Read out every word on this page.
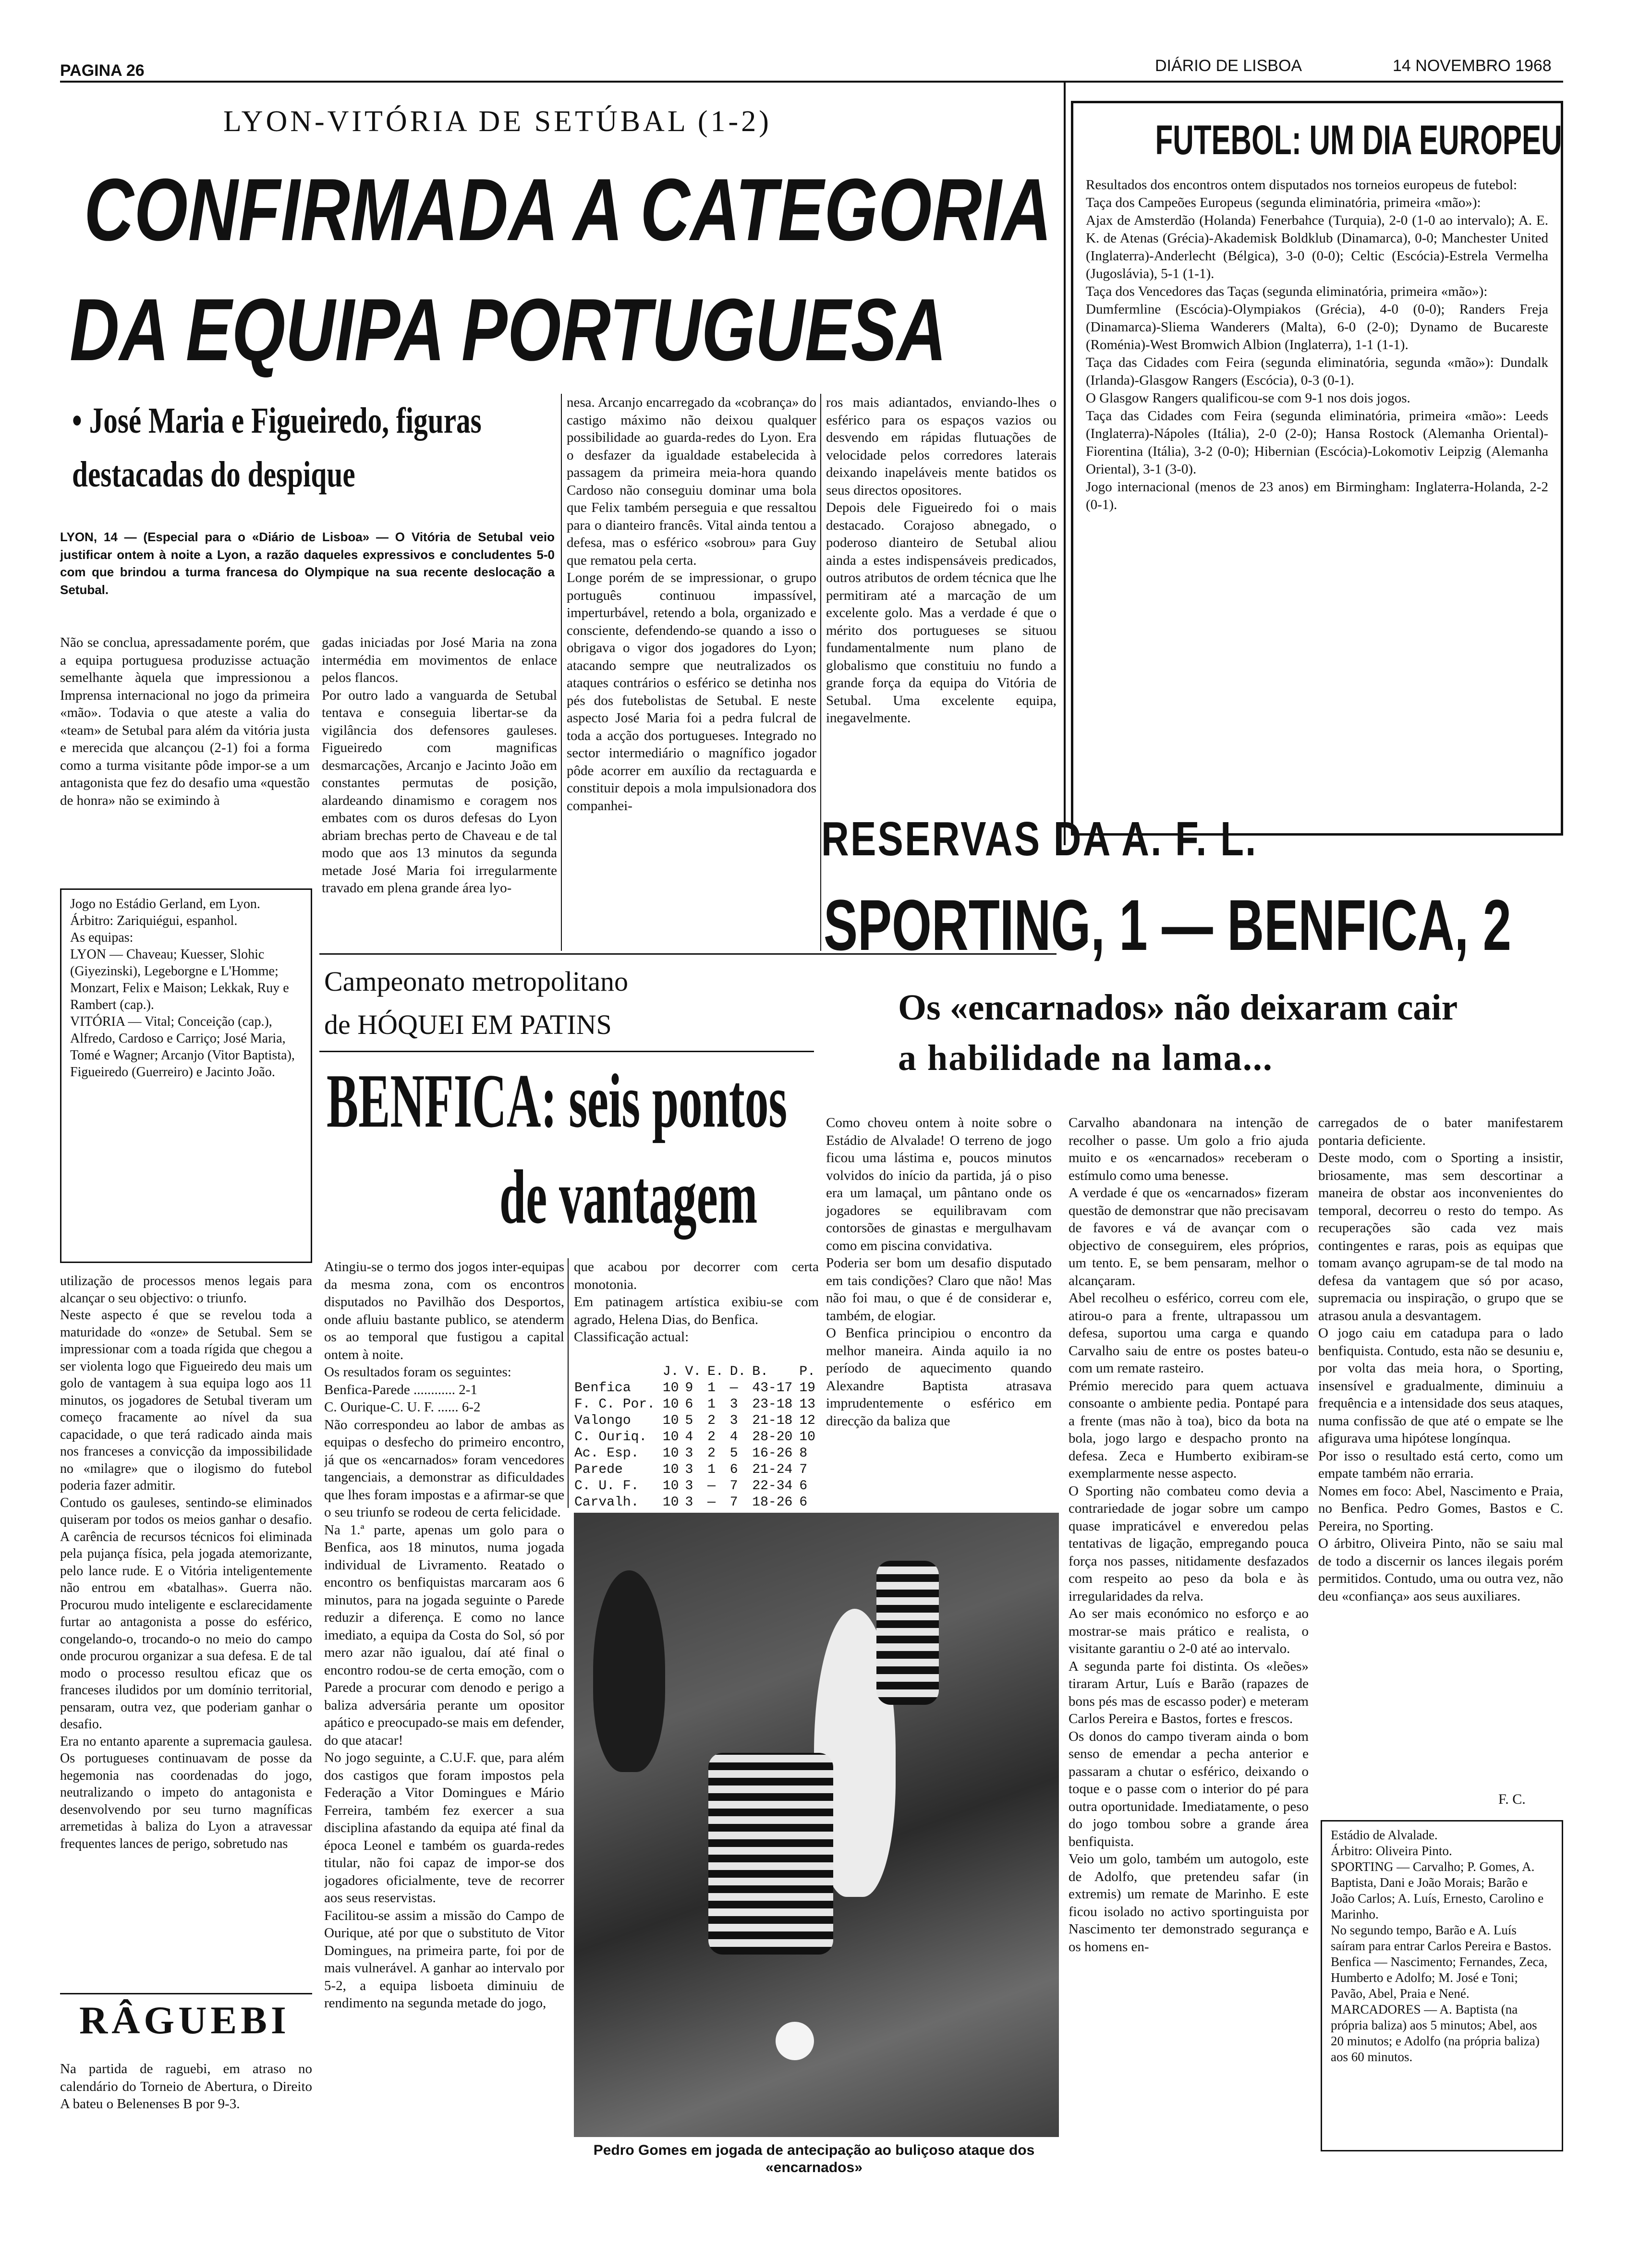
PAGINA 26	DIÁRIO DE LISBOA	14 NOVEMBRO 1968
LYON-VITÓRIA DE SETÚBAL (1-2)
CONFIRMADA A CATEGORIA
DA EQUIPA PORTUGUESA
• José Maria e Figueiredo, figuras destacadas do despique
LYON, 14 — (Especial para o «Diário de Lisboa» — O Vitória de Setubal veio justificar ontem à noite a Lyon, a razão daqueles expressivos e concludentes 5-0 com que brindou a turma francesa do Olympique na sua recente deslocação a Setubal.
Não se conclua, apressadamente porém, que a equipa portuguesa produzisse actuação semelhante àquela que impressionou a Imprensa internacional no jogo da primeira «mão». Todavia o que ateste a valia do «team» de Setubal para além da vitória justa e merecida que alcançou (2-1) foi a forma como a turma visitante pôde impor-se a um antagonista que fez do desafio uma «questão de honra» não se eximindo à
gadas iniciadas por José Maria na zona intermédia em movimentos de enlace pelos flancos.
Por outro lado a vanguarda de Setubal tentava e conseguia libertar-se da vigilância dos defensores gauleses. Figueiredo com magnificas desmarcações, Arcanjo e Jacinto João em constantes permutas de posição, alardeando dinamismo e coragem nos embates com os duros defesas do Lyon abriam brechas perto de Chaveau e de tal modo que aos 13 minutos da segunda metade José Maria foi irregularmente travado em plena grande área lyo-
nesa. Arcanjo encarregado da «cobrança» do castigo máximo não deixou qualquer possibilidade ao guarda-redes do Lyon. Era o desfazer da igualdade estabelecida à passagem da primeira meia-hora quando Cardoso não conseguiu dominar uma bola que Felix também perseguia e que ressaltou para o dianteiro francês. Vital ainda tentou a defesa, mas o esférico «sobrou» para Guy que rematou pela certa.
Longe porém de se impressionar, o grupo português continuou impassível, imperturbável, retendo a bola, organizado e consciente, defendendo-se quando a isso o obrigava o vigor dos jogadores do Lyon; atacando sempre que neutralizados os ataques contrários o esférico se detinha nos pés dos futebolistas de Setubal. E neste aspecto José Maria foi a pedra fulcral de toda a acção dos portugueses. Integrado no sector intermediário o magnífico jogador pôde acorrer em auxílio da rectaguarda e constituir depois a mola impulsionadora dos companhei-
ros mais adiantados, enviando-lhes o esférico para os espaços vazios ou desvendo em rápidas flutuações de velocidade pelos corredores laterais deixando inapeláveis mente batidos os seus directos opositores.
Depois dele Figueiredo foi o mais destacado. Corajoso abnegado, o poderoso dianteiro de Setubal aliou ainda a estes indispensáveis predicados, outros atributos de ordem técnica que lhe permitiram até a marcação de um excelente golo. Mas a verdade é que o mérito dos portugueses se situou fundamentalmente num plano de globalismo que constituiu no fundo a grande força da equipa do Vitória de Setubal. Uma excelente equipa, inegavelmente.
Jogo no Estádio Gerland, em Lyon.
Árbitro: Zariquiégui, espanhol.
As equipas:
LYON — Chaveau; Kuesser, Slohic (Giyezinski), Legeborgne e L'Homme; Monzart, Felix e Maison; Lekkak, Ruy e Rambert (cap.).
VITÓRIA — Vital; Conceição (cap.), Alfredo, Cardoso e Carriço; José Maria, Tomé e Wagner; Arcanjo (Vitor Baptista), Figueiredo (Guerreiro) e Jacinto João.
utilização de processos menos legais para alcançar o seu objectivo: o triunfo.
Neste aspecto é que se revelou toda a maturidade do «onze» de Setubal. Sem se impressionar com a toada rígida que chegou a ser violenta logo que Figueiredo deu mais um golo de vantagem à sua equipa logo aos 11 minutos, os jogadores de Setubal tiveram um começo fracamente ao nível da sua capacidade, o que terá radicado ainda mais nos franceses a convicção da impossibilidade no «milagre» que o ilogismo do futebol poderia fazer admitir.
Contudo os gauleses, sentindo-se eliminados quiseram por todos os meios ganhar o desafio. A carência de recursos técnicos foi eliminada pela pujança física, pela jogada atemorizante, pelo lance rude. E o Vitória inteligentemente não entrou em «batalhas». Guerra não. Procurou mudo inteligente e esclarecidamente furtar ao antagonista a posse do esférico, congelando-o, trocando-o no meio do campo onde procurou organizar a sua defesa. E de tal modo o processo resultou eficaz que os franceses iludidos por um domínio territorial, pensaram, outra vez, que poderiam ganhar o desafio.
Era no entanto aparente a supremacia gaulesa. Os portugueses continuavam de posse da hegemonia nas coordenadas do jogo, neutralizando o impeto do antagonista e desenvolvendo por seu turno magníficas arremetidas à baliza do Lyon a atravessar frequentes lances de perigo, sobretudo nas
RÂGUEBI
Na partida de raguebi, em atraso no calendário do Torneio de Abertura, o Direito A bateu o Belenenses B por 9-3.
Campeonato metropolitano
de HÓQUEI EM PATINS
BENFICA: seis pontos
de vantagem
Atingiu-se o termo dos jogos inter-equipas da mesma zona, com os encontros disputados no Pavilhão dos Desportos, onde afluiu bastante publico, se atenderm os ao temporal que fustigou a capital ontem à noite.
Os resultados foram os seguintes:
Benfica-Parede ............ 2-1
C. Ourique-C. U. F. ...... 6-2
Não correspondeu ao labor de ambas as equipas o desfecho do primeiro encontro, já que os «encarnados» foram vencedores tangenciais, a demonstrar as dificuldades que lhes foram impostas e a afirmar-se que o seu triunfo se rodeou de certa felicidade.
Na 1.ª parte, apenas um golo para o Benfica, aos 18 minutos, numa jogada individual de Livramento. Reatado o encontro os benfiquistas marcaram aos 6 minutos, para na jogada seguinte o Parede reduzir a diferença. E como no lance imediato, a equipa da Costa do Sol, só por mero azar não igualou, daí até final o encontro rodou-se de certa emoção, com o Parede a procurar com denodo e perigo a baliza adversária perante um opositor apático e preocupado-se mais em defender, do que atacar!
No jogo seguinte, a C.U.F. que, para além dos castigos que foram impostos pela Federação a Vitor Domingues e Mário Ferreira, também fez exercer a sua disciplina afastando da equipa até final da época Leonel e também os guarda-redes titular, não foi capaz de impor-se dos jogadores oficialmente, teve de recorrer aos seus reservistas.
Facilitou-se assim a missão do Campo de Ourique, até por que o substituto de Vitor Domingues, na primeira parte, foi por de mais vulnerável. A ganhar ao intervalo por 5-2, a equipa lisboeta diminuiu de rendimento na segunda metade do jogo,
que acabou por decorrer com certa monotonia.
Em patinagem artística exibiu-se com agrado, Helena Dias, do Benfica.
Classificação actual:
	J.	V.	E.	D.	B.	P.
Benfica	10	9	1	—	43-17	19
F. C. Por.	10	6	1	3	23-18	13
Valongo	10	5	2	3	21-18	12
C. Ouriq.	10	4	2	4	28-20	10
Ac. Esp.	10	3	2	5	16-26	8
Parede	10	3	1	6	21-24	7
C. U. F.	10	3	—	7	22-34	6
Carvalh.	10	3	—	7	18-26	6
Pedro Gomes em jogada de antecipação ao buliçoso ataque dos «encarnados»
FUTEBOL: UM DIA EUROPEU
Resultados dos encontros ontem disputados nos torneios europeus de futebol:
Taça dos Campeões Europeus (segunda eliminatória, primeira «mão»):
Ajax de Amsterdão (Holanda) Fenerbahce (Turquia), 2-0 (1-0 ao intervalo); A. E. K. de Atenas (Grécia)-Akademisk Boldklub (Dinamarca), 0-0; Manchester United (Inglaterra)-Anderlecht (Bélgica), 3-0 (0-0); Celtic (Escócia)-Estrela Vermelha (Jugoslávia), 5-1 (1-1).
Taça dos Vencedores das Taças (segunda eliminatória, primeira «mão»):
Dumfermline (Escócia)-Olympiakos (Grécia), 4-0 (0-0); Randers Freja (Dinamarca)-Sliema Wanderers (Malta), 6-0 (2-0); Dynamo de Bucareste (Roménia)-West Bromwich Albion (Inglaterra), 1-1 (1-1).
Taça das Cidades com Feira (segunda eliminatória, segunda «mão»): Dundalk (Irlanda)-Glasgow Rangers (Escócia), 0-3 (0-1).
O Glasgow Rangers qualificou-se com 9-1 nos dois jogos.
Taça das Cidades com Feira (segunda eliminatória, primeira «mão»: Leeds (Inglaterra)-Nápoles (Itália), 2-0 (2-0); Hansa Rostock (Alemanha Oriental)-Fiorentina (Itália), 3-2 (0-0); Hibernian (Escócia)-Lokomotiv Leipzig (Alemanha Oriental), 3-1 (3-0).
Jogo internacional (menos de 23 anos) em Birmingham: Inglaterra-Holanda, 2-2 (0-1).
RESERVAS DA A. F. L.
SPORTING, 1 — BENFICA, 2
Os «encarnados» não deixaram cair
a habilidade na lama...
Como choveu ontem à noite sobre o Estádio de Alvalade! O terreno de jogo ficou uma lástima e, poucos minutos volvidos do início da partida, já o piso era um lamaçal, um pântano onde os jogadores se equilibravam com contorsões de ginastas e mergulhavam como em piscina convidativa.
Poderia ser bom um desafio disputado em tais condições? Claro que não! Mas não foi mau, o que é de considerar e, também, de elogiar.
O Benfica principiou o encontro da melhor maneira. Ainda aquilo ia no período de aquecimento quando Alexandre Baptista atrasava imprudentemente o esférico em direcção da baliza que
Carvalho abandonara na intenção de recolher o passe. Um golo a frio ajuda muito e os «encarnados» receberam o estímulo como uma benesse.
A verdade é que os «encarnados» fizeram questão de demonstrar que não precisavam de favores e vá de avançar com o objectivo de conseguirem, eles próprios, um tento. E, se bem pensaram, melhor o alcançaram.
Abel recolheu o esférico, correu com ele, atirou-o para a frente, ultrapassou um defesa, suportou uma carga e quando Carvalho saiu de entre os postes bateu-o com um remate rasteiro.
Prémio merecido para quem actuava consoante o ambiente pedia. Pontapé para a frente (mas não à toa), bico da bota na bola, jogo largo e despacho pronto na defesa. Zeca e Humberto exibiram-se exemplarmente nesse aspecto.
O Sporting não combateu como devia a contrariedade de jogar sobre um campo quase impraticável e enveredou pelas tentativas de ligação, empregando pouca força nos passes, nitidamente desfazados com respeito ao peso da bola e às irregularidades da relva.
Ao ser mais económico no esforço e ao mostrar-se mais prático e realista, o visitante garantiu o 2-0 até ao intervalo.
A segunda parte foi distinta. Os «leões» tiraram Artur, Luís e Barão (rapazes de bons pés mas de escasso poder) e meteram Carlos Pereira e Bastos, fortes e frescos.
Os donos do campo tiveram ainda o bom senso de emendar a pecha anterior e passaram a chutar o esférico, deixando o toque e o passe com o interior do pé para outra oportunidade. Imediatamente, o peso do jogo tombou sobre a grande área benfiquista.
Veio um golo, também um autogolo, este de Adolfo, que pretendeu safar (in extremis) um remate de Marinho. E este ficou isolado no activo sportinguista por Nascimento ter demonstrado segurança e os homens en-
carregados de o bater manifestarem pontaria deficiente.
Deste modo, com o Sporting a insistir, briosamente, mas sem descortinar a maneira de obstar aos inconvenientes do temporal, decorreu o resto do tempo. As recuperações são cada vez mais contingentes e raras, pois as equipas que tomam avanço agrupam-se de tal modo na defesa da vantagem que só por acaso, supremacia ou inspiração, o grupo que se atrasou anula a desvantagem.
O jogo caiu em catadupa para o lado benfiquista. Contudo, esta não se desuniu e, por volta das meia hora, o Sporting, insensível e gradualmente, diminuiu a frequência e a intensidade dos seus ataques, numa confissão de que até o empate se lhe afigurava uma hipótese longínqua.
Por isso o resultado está certo, como um empate também não erraria.
Nomes em foco: Abel, Nascimento e Praia, no Benfica. Pedro Gomes, Bastos e C. Pereira, no Sporting.
O árbitro, Oliveira Pinto, não se saiu mal de todo a discernir os lances ilegais porém permitidos. Contudo, uma ou outra vez, não deu «confiança» aos seus auxiliares.
F. C.
Estádio de Alvalade.
Árbitro: Oliveira Pinto.
SPORTING — Carvalho; P. Gomes, A. Baptista, Dani e João Morais; Barão e João Carlos; A. Luís, Ernesto, Carolino e Marinho.
No segundo tempo, Barão e A. Luís saíram para entrar Carlos Pereira e Bastos.
Benfica — Nascimento; Fernandes, Zeca, Humberto e Adolfo; M. José e Toni; Pavão, Abel, Praia e Nené.
MARCADORES — A. Baptista (na própria baliza) aos 5 minutos; Abel, aos 20 minutos; e Adolfo (na própria baliza) aos 60 minutos.
